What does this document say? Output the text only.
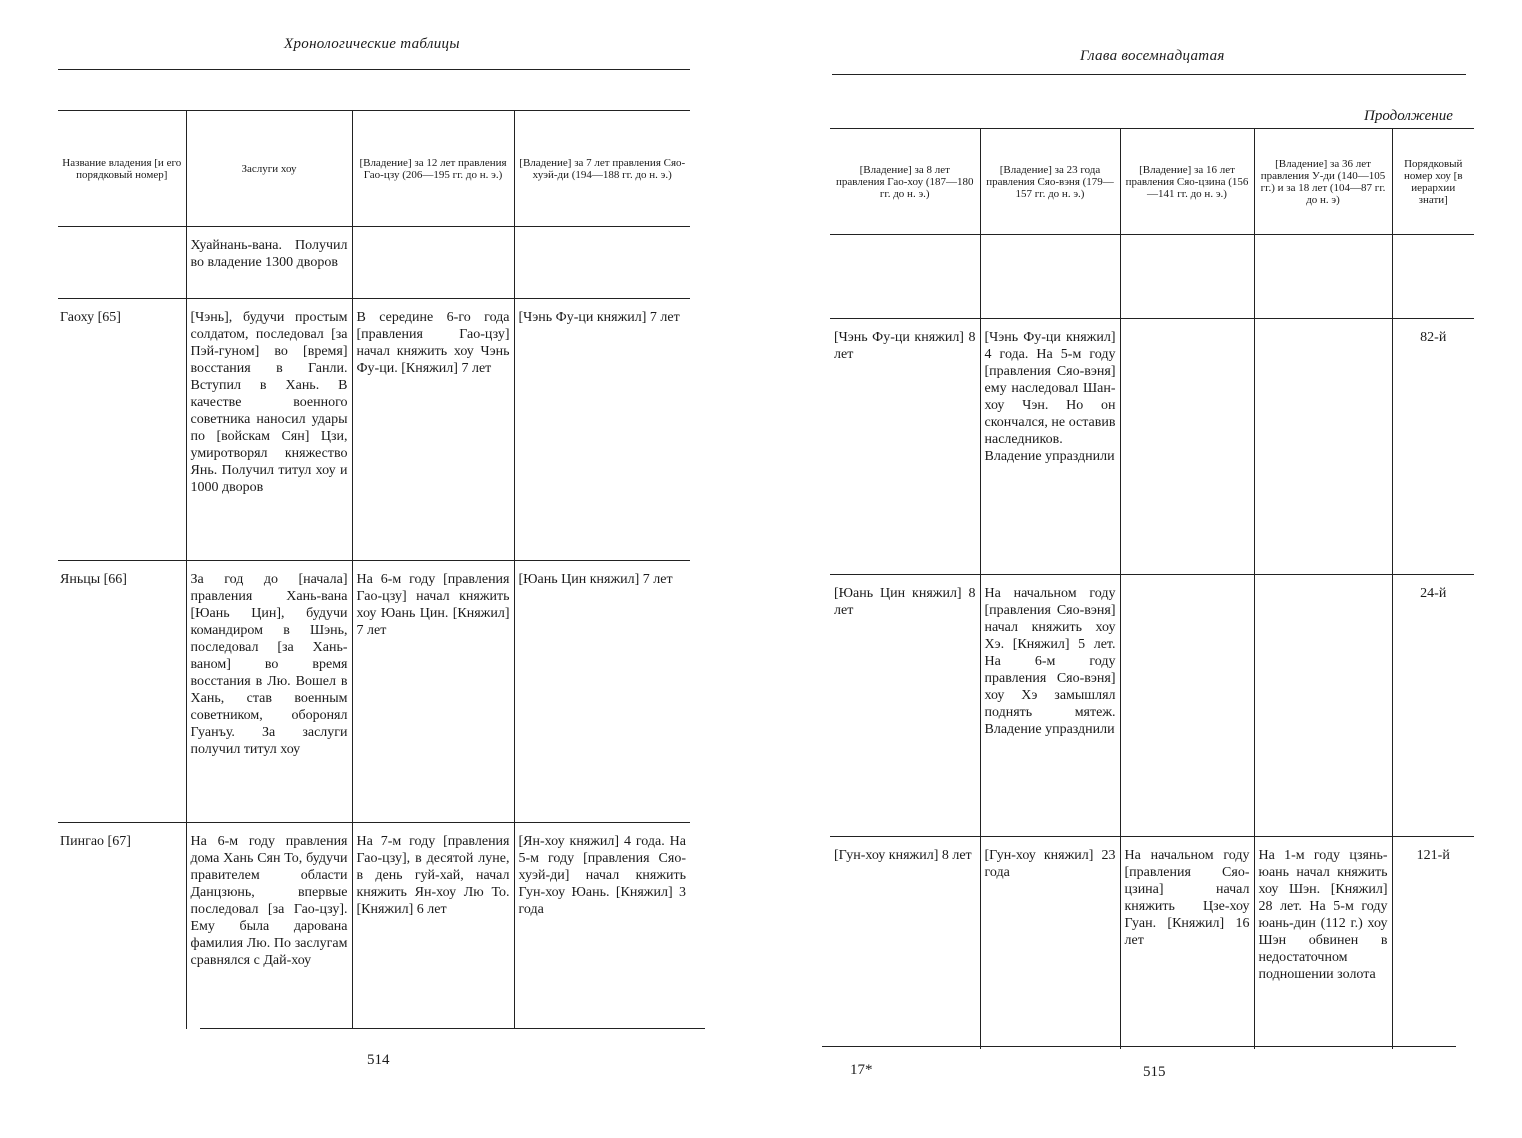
Хронологические таблицы
Название владения [и его порядковый номер]	Заслуги хоу	[Владение] за 12 лет правления Гао-цзу (206—195 гг. до н. э.)	[Владение] за 7 лет правления Сяо-хуэй-ди (194—188 гг. до н. э.)
	Хуайнань-вана. Получил во владение 1300 дворов		
Гаоху [65]	[Чэнь], будучи простым солдатом, последовал [за Пэй-гуном] во [время] восстания в Ганли. Вступил в Хань. В качестве военного советника наносил удары по [войскам Сян] Цзи, умиротворял княжество Янь. Получил титул хоу и 1000 дворов	В середине 6-го года [правления Гао-цзу] начал княжить хоу Чэнь Фу-ци. [Княжил] 7 лет	[Чэнь Фу-ци княжил] 7 лет
Яньцы [66]	За год до [начала] правления Хань-вана [Юань Цин], будучи командиром в Шэнь, последовал [за Хань-ваном] во время восстания в Лю. Вошел в Хань, став военным советником, оборонял Гуанъу. За заслуги получил титул хоу	На 6-м году [правления Гао-цзу] начал княжить хоу Юань Цин. [Княжил] 7 лет	[Юань Цин княжил] 7 лет
Пингао [67]	На 6-м году правления дома Хань Сян То, будучи правителем области Данцзюнь, впервые последовал [за Гао-цзу]. Ему была дарована фамилия Лю. По заслугам сравнялся с Дай-хоу	На 7-м году [правления Гао-цзу], в десятой луне, в день гуй-хай, начал княжить Ян-хоу Лю То. [Княжил] 6 лет	[Ян-хоу княжил] 4 года. На 5-м году [правления Сяо-хуэй-ди] начал княжить Гун-хоу Юань. [Княжил] 3 года
514
Глава восемнадцатая
Продолжение
[Владение] за 8 лет правления Гао-хоу (187—180 гг. до н. э.)	[Владение] за 23 года правления Сяо-вэня (179—157 гг. до н. э.)	[Владение] за 16 лет правления Сяо-цзина (156—141 гг. до н. э.)	[Владение] за 36 лет правления У-ди (140—105 гг.) и за 18 лет (104—87 гг. до н. э)	Порядковый номер хоу [в иерархии знати]

[Чэнь Фу-ци княжил] 8 лет	[Чэнь Фу-ци княжил] 4 года. На 5-м году [правления Сяо-вэня] ему наследовал Шан-хоу Чэн. Но он скончался, не оставив наследников. Владение упразднили			82-й
[Юань Цин княжил] 8 лет	На начальном году [правления Сяо-вэня] начал княжить хоу Хэ. [Княжил] 5 лет. На 6-м году правления Сяо-вэня] хоу Хэ замышлял поднять мятеж. Владение упразднили			24-й
[Гун-хоу княжил] 8 лет	[Гун-хоу княжил] 23 года	На начальном году [правления Сяо-цзина] начал княжить Цзе-хоу Гуан. [Княжил] 16 лет	На 1-м году цзянь-юань начал княжить хоу Шэн. [Княжил] 28 лет. На 5-м году юань-дин (112 г.) хоу Шэн обвинен в недостаточном подношении золота	121-й
17*	515
